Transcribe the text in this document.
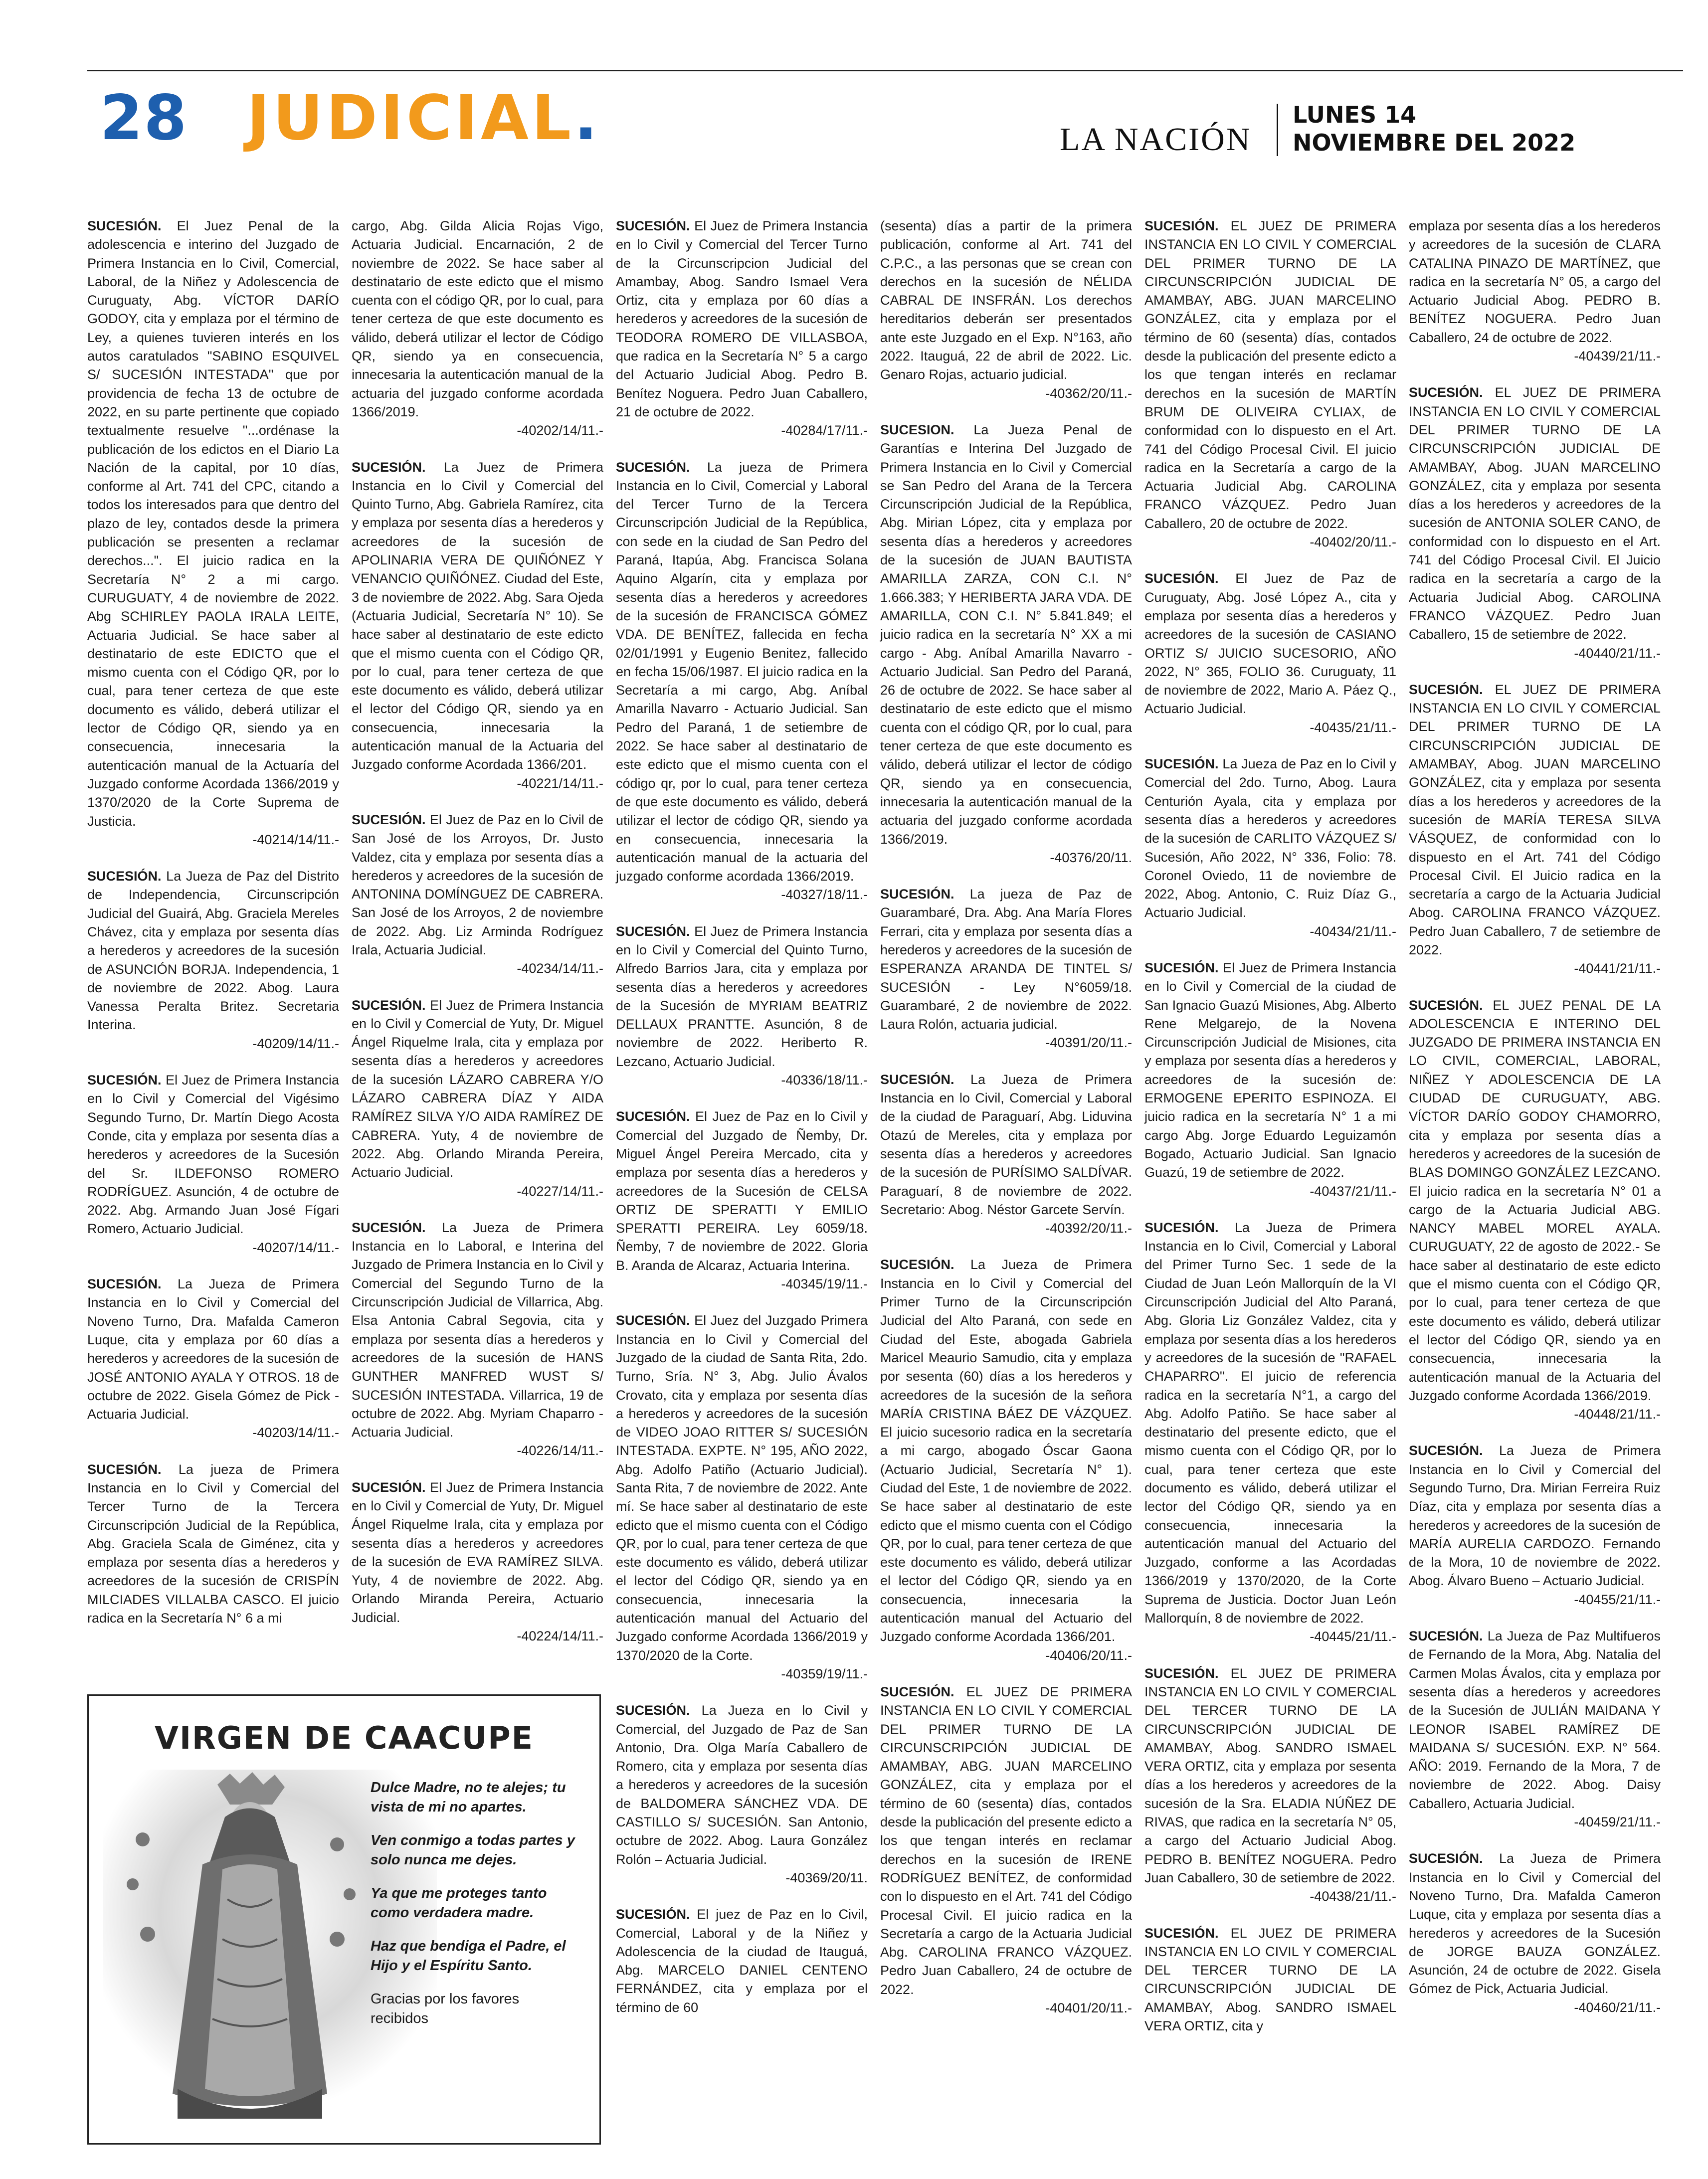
28 JUDICIAL.	LA NACIÓN
LUNES 14
NOVIEMBRE DEL 2022
SUCESIÓN. El Juez Penal de la adolescencia e interino del Juzgado de Primera Instancia en lo Civil, Comercial, Laboral, de la Niñez y Adolescencia de Curuguaty, Abg. VÍCTOR DARÍO GODOY, cita y emplaza por el término de Ley, a quienes tuvieren interés en los autos caratulados "SABINO ESQUIVEL S/ SUCESIÓN INTESTADA" que por providencia de fecha 13 de octubre de 2022, en su parte pertinente que copiado textualmente resuelve "...ordénase la publicación de los edictos en el Diario La Nación de la capital, por 10 días, conforme al Art. 741 del CPC, citando a todos los interesados para que dentro del plazo de ley, contados desde la primera publicación se presenten a reclamar derechos...". El juicio radica en la Secretaría N° 2 a mi cargo. CURUGUATY, 4 de noviembre de 2022. Abg SCHIRLEY PAOLA IRALA LEITE, Actuaria Judicial. Se hace saber al destinatario de este EDICTO que el mismo cuenta con el Código QR, por lo cual, para tener certeza de que este documento es válido, deberá utilizar el lector de Código QR, siendo ya en consecuencia, innecesaria la autenticación manual de la Actuaría del Juzgado conforme Acordada 1366/2019 y 1370/2020 de la Corte Suprema de Justicia.
-40214/14/11.-
SUCESIÓN. La Jueza de Paz del Distrito de Independencia, Circunscripción Judicial del Guairá, Abg. Graciela Mereles Chávez, cita y emplaza por sesenta días a herederos y acreedores de la sucesión de ASUNCIÓN BORJA. Independencia, 1 de noviembre de 2022. Abog. Laura Vanessa Peralta Britez. Secretaria Interina.
-40209/14/11.-
SUCESIÓN. El Juez de Primera Instancia en lo Civil y Comercial del Vigésimo Segundo Turno, Dr. Martín Diego Acosta Conde, cita y emplaza por sesenta días a herederos y acreedores de la Sucesión del Sr. ILDEFONSO ROMERO RODRÍGUEZ. Asunción, 4 de octubre de 2022. Abg. Armando Juan José Fígari Romero, Actuario Judicial.
-40207/14/11.-
SUCESIÓN. La Jueza de Primera Instancia en lo Civil y Comercial del Noveno Turno, Dra. Mafalda Cameron Luque, cita y emplaza por 60 días a herederos y acreedores de la sucesión de JOSÉ ANTONIO AYALA Y OTROS. 18 de octubre de 2022. Gisela Gómez de Pick - Actuaria Judicial.
-40203/14/11.-
SUCESIÓN. La jueza de Primera Instancia en lo Civil y Comercial del Tercer Turno de la Tercera Circunscripción Judicial de la República, Abg. Graciela Scala de Giménez, cita y emplaza por sesenta días a herederos y acreedores de la sucesión de CRISPÍN MILCIADES VILLALBA CASCO. El juicio radica en la Secretaría N° 6 a mi
cargo, Abg. Gilda Alicia Rojas Vigo, Actuaria Judicial. Encarnación, 2 de noviembre de 2022. Se hace saber al destinatario de este edicto que el mismo cuenta con el código QR, por lo cual, para tener certeza de que este documento es válido, deberá utilizar el lector de Código QR, siendo ya en consecuencia, innecesaria la autenticación manual de la actuaria del juzgado conforme acordada 1366/2019.
-40202/14/11.-
SUCESIÓN. La Juez de Primera Instancia en lo Civil y Comercial del Quinto Turno, Abg. Gabriela Ramírez, cita y emplaza por sesenta días a herederos y acreedores de la sucesión de APOLINARIA VERA DE QUIÑÓNEZ Y VENANCIO QUIÑÓNEZ. Ciudad del Este, 3 de noviembre de 2022. Abg. Sara Ojeda (Actuaria Judicial, Secretaría N° 10). Se hace saber al destinatario de este edicto que el mismo cuenta con el Código QR, por lo cual, para tener certeza de que este documento es válido, deberá utilizar el lector del Código QR, siendo ya en consecuencia, innecesaria la autenticación manual de la Actuaria del Juzgado conforme Acordada 1366/201.
-40221/14/11.-
SUCESIÓN. El Juez de Paz en lo Civil de San José de los Arroyos, Dr. Justo Valdez, cita y emplaza por sesenta días a herederos y acreedores de la sucesión de ANTONINA DOMÍNGUEZ DE CABRERA. San José de los Arroyos, 2 de noviembre de 2022. Abg. Liz Arminda Rodríguez Irala, Actuaria Judicial.
-40234/14/11.-
SUCESIÓN. El Juez de Primera Instancia en lo Civil y Comercial de Yuty, Dr. Miguel Ángel Riquelme Irala, cita y emplaza por sesenta días a herederos y acreedores de la sucesión LÁZARO CABRERA Y/O LÁZARO CABRERA DÍAZ Y AIDA RAMÍREZ SILVA Y/O AIDA RAMÍREZ DE CABRERA. Yuty, 4 de noviembre de 2022. Abg. Orlando Miranda Pereira, Actuario Judicial.
-40227/14/11.-
SUCESIÓN. La Jueza de Primera Instancia en lo Laboral, e Interina del Juzgado de Primera Instancia en lo Civil y Comercial del Segundo Turno de la Circunscripción Judicial de Villarrica, Abg. Elsa Antonia Cabral Segovia, cita y emplaza por sesenta días a herederos y acreedores de la sucesión de HANS GUNTHER MANFRED WUST S/ SUCESIÓN INTESTADA. Villarrica, 19 de octubre de 2022. Abg. Myriam Chaparro - Actuaria Judicial.
-40226/14/11.-
SUCESIÓN. El Juez de Primera Instancia en lo Civil y Comercial de Yuty, Dr. Miguel Ángel Riquelme Irala, cita y emplaza por sesenta días a herederos y acreedores de la sucesión de EVA RAMÍREZ SILVA. Yuty, 4 de noviembre de 2022. Abg. Orlando Miranda Pereira, Actuario Judicial.
-40224/14/11.-
SUCESIÓN. El Juez de Primera Instancia en lo Civil y Comercial del Tercer Turno de la Circunscripcion Judicial del Amambay, Abog. Sandro Ismael Vera Ortiz, cita y emplaza por 60 días a herederos y acreedores de la sucesión de TEODORA ROMERO DE VILLASBOA, que radica en la Secretaría N° 5 a cargo del Actuario Judicial Abog. Pedro B. Benítez Noguera. Pedro Juan Caballero, 21 de octubre de 2022.
-40284/17/11.-
SUCESIÓN. La jueza de Primera Instancia en lo Civil, Comercial y Laboral del Tercer Turno de la Tercera Circunscripción Judicial de la República, con sede en la ciudad de San Pedro del Paraná, Itapúa, Abg. Francisca Solana Aquino Algarín, cita y emplaza por sesenta días a herederos y acreedores de la sucesión de FRANCISCA GÓMEZ VDA. DE BENÍTEZ, fallecida en fecha 02/01/1991 y Eugenio Benitez, fallecido en fecha 15/06/1987. El juicio radica en la Secretaría a mi cargo, Abg. Aníbal Amarilla Navarro - Actuario Judicial. San Pedro del Paraná, 1 de setiembre de 2022. Se hace saber al destinatario de este edicto que el mismo cuenta con el código qr, por lo cual, para tener certeza de que este documento es válido, deberá utilizar el lector de código QR, siendo ya en consecuencia, innecesaria la autenticación manual de la actuaria del juzgado conforme acordada 1366/2019.
-40327/18/11.-
SUCESIÓN. El Juez de Primera Instancia en lo Civil y Comercial del Quinto Turno, Alfredo Barrios Jara, cita y emplaza por sesenta días a herederos y acreedores de la Sucesión de MYRIAM BEATRIZ DELLAUX PRANTTE. Asunción, 8 de noviembre de 2022. Heriberto R. Lezcano, Actuario Judicial.
-40336/18/11.-
SUCESIÓN. El Juez de Paz en lo Civil y Comercial del Juzgado de Ñemby, Dr. Miguel Ángel Pereira Mercado, cita y emplaza por sesenta días a herederos y acreedores de la Sucesión de CELSA ORTIZ DE SPERATTI Y EMILIO SPERATTI PEREIRA. Ley 6059/18. Ñemby, 7 de noviembre de 2022. Gloria B. Aranda de Alcaraz, Actuaria Interina.
-40345/19/11.-
SUCESIÓN. El Juez del Juzgado Primera Instancia en lo Civil y Comercial del Juzgado de la ciudad de Santa Rita, 2do. Turno, Sría. N° 3, Abg. Julio Ávalos Crovato, cita y emplaza por sesenta días a herederos y acreedores de la sucesión de VIDEO JOAO RITTER S/ SUCESIÓN INTESTADA. EXPTE. N° 195, AÑO 2022, Abg. Adolfo Patiño (Actuario Judicial). Santa Rita, 7 de noviembre de 2022. Ante mí. Se hace saber al destinatario de este edicto que el mismo cuenta con el Código QR, por lo cual, para tener certeza de que este documento es válido, deberá utilizar el lector del Código QR, siendo ya en consecuencia, innecesaria la autenticación manual del Actuario del Juzgado conforme Acordada 1366/2019 y 1370/2020 de la Corte.
-40359/19/11.-
SUCESIÓN. La Jueza en lo Civil y Comercial, del Juzgado de Paz de San Antonio, Dra. Olga María Caballero de Romero, cita y emplaza por sesenta días a herederos y acreedores de la sucesión de BALDOMERA SÁNCHEZ VDA. DE CASTILLO S/ SUCESIÓN. San Antonio, octubre de 2022. Abog. Laura González Rolón – Actuaria Judicial.
-40369/20/11.
SUCESIÓN. El juez de Paz en lo Civil, Comercial, Laboral y de la Niñez y Adolescencia de la ciudad de Itauguá, Abg. MARCELO DANIEL CENTENO FERNÁNDEZ, cita y emplaza por el término de 60
(sesenta) días a partir de la primera publicación, conforme al Art. 741 del C.P.C., a las personas que se crean con derechos en la sucesión de NÉLIDA CABRAL DE INSFRÁN. Los derechos hereditarios deberán ser presentados ante este Juzgado en el Exp. N°163, año 2022. Itauguá, 22 de abril de 2022. Lic. Genaro Rojas, actuario judicial.
-40362/20/11.-
SUCESION. La Jueza Penal de Garantías e Interina Del Juzgado de Primera Instancia en lo Civil y Comercial se San Pedro del Arana de la Tercera Circunscripción Judicial de la República, Abg. Mirian López, cita y emplaza por sesenta días a herederos y acreedores de la sucesión de JUAN BAUTISTA AMARILLA ZARZA, CON C.I. N° 1.666.383; Y HERIBERTA JARA VDA. DE AMARILLA, CON C.I. N° 5.841.849; el juicio radica en la secretaría N° XX a mi cargo - Abg. Aníbal Amarilla Navarro - Actuario Judicial. San Pedro del Paraná, 26 de octubre de 2022. Se hace saber al destinatario de este edicto que el mismo cuenta con el código QR, por lo cual, para tener certeza de que este documento es válido, deberá utilizar el lector de código QR, siendo ya en consecuencia, innecesaria la autenticación manual de la actuaria del juzgado conforme acordada 1366/2019.
-40376/20/11.
SUCESIÓN. La jueza de Paz de Guarambaré, Dra. Abg. Ana María Flores Ferrari, cita y emplaza por sesenta días a herederos y acreedores de la sucesión de ESPERANZA ARANDA DE TINTEL S/ SUCESIÓN - Ley N°6059/18. Guarambaré, 2 de noviembre de 2022. Laura Rolón, actuaria judicial.
-40391/20/11.-
SUCESIÓN. La Jueza de Primera Instancia en lo Civil, Comercial y Laboral de la ciudad de Paraguarí, Abg. Liduvina Otazú de Mereles, cita y emplaza por sesenta días a herederos y acreedores de la sucesión de PURÍSIMO SALDÍVAR. Paraguarí, 8 de noviembre de 2022. Secretario: Abog. Néstor Garcete Servín.
-40392/20/11.-
SUCESIÓN. La Jueza de Primera Instancia en lo Civil y Comercial del Primer Turno de la Circunscripción Judicial del Alto Paraná, con sede en Ciudad del Este, abogada Gabriela Maricel Meaurio Samudio, cita y emplaza por sesenta (60) días a los herederos y acreedores de la sucesión de la señora MARÍA CRISTINA BÁEZ DE VÁZQUEZ. El juicio sucesorio radica en la secretaría a mi cargo, abogado Óscar Gaona (Actuario Judicial, Secretaría N° 1). Ciudad del Este, 1 de noviembre de 2022. Se hace saber al destinatario de este edicto que el mismo cuenta con el Código QR, por lo cual, para tener certeza de que este documento es válido, deberá utilizar el lector del Código QR, siendo ya en consecuencia, innecesaria la autenticación manual del Actuario del Juzgado conforme Acordada 1366/201.
-40406/20/11.-
SUCESIÓN. EL JUEZ DE PRIMERA INSTANCIA EN LO CIVIL Y COMERCIAL DEL PRIMER TURNO DE LA CIRCUNSCRIPCIÓN JUDICIAL DE AMAMBAY, ABG. JUAN MARCELINO GONZÁLEZ, cita y emplaza por el término de 60 (sesenta) días, contados desde la publicación del presente edicto a los que tengan interés en reclamar derechos en la sucesión de IRENE RODRÍGUEZ BENÍTEZ, de conformidad con lo dispuesto en el Art. 741 del Código Procesal Civil. El juicio radica en la Secretaría a cargo de la Actuaria Judicial Abg. CAROLINA FRANCO VÁZQUEZ. Pedro Juan Caballero, 24 de octubre de 2022.
-40401/20/11.-
SUCESIÓN. EL JUEZ DE PRIMERA INSTANCIA EN LO CIVIL Y COMERCIAL DEL PRIMER TURNO DE LA CIRCUNSCRIPCIÓN JUDICIAL DE AMAMBAY, ABG. JUAN MARCELINO GONZÁLEZ, cita y emplaza por el término de 60 (sesenta) días, contados desde la publicación del presente edicto a los que tengan interés en reclamar derechos en la sucesión de MARTÍN BRUM DE OLIVEIRA CYLIAX, de conformidad con lo dispuesto en el Art. 741 del Código Procesal Civil. El juicio radica en la Secretaría a cargo de la Actuaria Judicial Abg. CAROLINA FRANCO VÁZQUEZ. Pedro Juan Caballero, 20 de octubre de 2022.
-40402/20/11.-
SUCESIÓN. El Juez de Paz de Curuguaty, Abg. José López A., cita y emplaza por sesenta días a herederos y acreedores de la sucesión de CASIANO ORTIZ S/ JUICIO SUCESORIO, AÑO 2022, N° 365, FOLIO 36. Curuguaty, 11 de noviembre de 2022, Mario A. Páez Q., Actuario Judicial.
-40435/21/11.-
SUCESIÓN. La Jueza de Paz en lo Civil y Comercial del 2do. Turno, Abog. Laura Centurión Ayala, cita y emplaza por sesenta días a herederos y acreedores de la sucesión de CARLITO VÁZQUEZ S/ Sucesión, Año 2022, N° 336, Folio: 78. Coronel Oviedo, 11 de noviembre de 2022, Abog. Antonio, C. Ruiz Díaz G., Actuario Judicial.
-40434/21/11.-
SUCESIÓN. El Juez de Primera Instancia en lo Civil y Comercial de la ciudad de San Ignacio Guazú Misiones, Abg. Alberto Rene Melgarejo, de la Novena Circunscripción Judicial de Misiones, cita y emplaza por sesenta días a herederos y acreedores de la sucesión de: ERMOGENE EPERITO ESPINOZA. El juicio radica en la secretaría N° 1 a mi cargo Abg. Jorge Eduardo Leguizamón Bogado, Actuario Judicial. San Ignacio Guazú, 19 de setiembre de 2022.
-40437/21/11.-
SUCESIÓN. La Jueza de Primera Instancia en lo Civil, Comercial y Laboral del Primer Turno Sec. 1 sede de la Ciudad de Juan León Mallorquín de la VI Circunscripción Judicial del Alto Paraná, Abg. Gloria Liz González Valdez, cita y emplaza por sesenta días a los herederos y acreedores de la sucesión de "RAFAEL CHAPARRO". El juicio de referencia radica en la secretaría N°1, a cargo del Abg. Adolfo Patiño. Se hace saber al destinatario del presente edicto, que el mismo cuenta con el Código QR, por lo cual, para tener certeza que este documento es válido, deberá utilizar el lector del Código QR, siendo ya en consecuencia, innecesaria la autenticación manual del Actuario del Juzgado, conforme a las Acordadas 1366/2019 y 1370/2020, de la Corte Suprema de Justicia. Doctor Juan León Mallorquín, 8 de noviembre de 2022.
-40445/21/11.-
SUCESIÓN. EL JUEZ DE PRIMERA INSTANCIA EN LO CIVIL Y COMERCIAL DEL TERCER TURNO DE LA CIRCUNSCRIPCIÓN JUDICIAL DE AMAMBAY, Abog. SANDRO ISMAEL VERA ORTIZ, cita y emplaza por sesenta días a los herederos y acreedores de la sucesión de la Sra. ELADIA NÚÑEZ DE RIVAS, que radica en la secretaría N° 05, a cargo del Actuario Judicial Abog. PEDRO B. BENÍTEZ NOGUERA. Pedro Juan Caballero, 30 de setiembre de 2022.
-40438/21/11.-
SUCESIÓN. EL JUEZ DE PRIMERA INSTANCIA EN LO CIVIL Y COMERCIAL DEL TERCER TURNO DE LA CIRCUNSCRIPCIÓN JUDICIAL DE AMAMBAY, Abog. SANDRO ISMAEL VERA ORTIZ, cita y
emplaza por sesenta días a los herederos y acreedores de la sucesión de CLARA CATALINA PINAZO DE MARTÍNEZ, que radica en la secretaría N° 05, a cargo del Actuario Judicial Abog. PEDRO B. BENÍTEZ NOGUERA. Pedro Juan Caballero, 24 de octubre de 2022.
-40439/21/11.-
SUCESIÓN. EL JUEZ DE PRIMERA INSTANCIA EN LO CIVIL Y COMERCIAL DEL PRIMER TURNO DE LA CIRCUNSCRIPCIÓN JUDICIAL DE AMAMBAY, Abog. JUAN MARCELINO GONZÁLEZ, cita y emplaza por sesenta días a los herederos y acreedores de la sucesión de ANTONIA SOLER CANO, de conformidad con lo dispuesto en el Art. 741 del Código Procesal Civil. El Juicio radica en la secretaría a cargo de la Actuaria Judicial Abog. CAROLINA FRANCO VÁZQUEZ. Pedro Juan Caballero, 15 de setiembre de 2022.
-40440/21/11.-
SUCESIÓN. EL JUEZ DE PRIMERA INSTANCIA EN LO CIVIL Y COMERCIAL DEL PRIMER TURNO DE LA CIRCUNSCRIPCIÓN JUDICIAL DE AMAMBAY, Abog. JUAN MARCELINO GONZÁLEZ, cita y emplaza por sesenta días a los herederos y acreedores de la sucesión de MARÍA TERESA SILVA VÁSQUEZ, de conformidad con lo dispuesto en el Art. 741 del Código Procesal Civil. El Juicio radica en la secretaría a cargo de la Actuaria Judicial Abog. CAROLINA FRANCO VÁZQUEZ. Pedro Juan Caballero, 7 de setiembre de 2022.
-40441/21/11.-
SUCESIÓN. EL JUEZ PENAL DE LA ADOLESCENCIA E INTERINO DEL JUZGADO DE PRIMERA INSTANCIA EN LO CIVIL, COMERCIAL, LABORAL, NIÑEZ Y ADOLESCENCIA DE LA CIUDAD DE CURUGUATY, ABG. VÍCTOR DARÍO GODOY CHAMORRO, cita y emplaza por sesenta días a herederos y acreedores de la sucesión de BLAS DOMINGO GONZÁLEZ LEZCANO. El juicio radica en la secretaría N° 01 a cargo de la Actuaria Judicial ABG. NANCY MABEL MOREL AYALA. CURUGUATY, 22 de agosto de 2022.- Se hace saber al destinatario de este edicto que el mismo cuenta con el Código QR, por lo cual, para tener certeza de que este documento es válido, deberá utilizar el lector del Código QR, siendo ya en consecuencia, innecesaria la autenticación manual de la Actuaria del Juzgado conforme Acordada 1366/2019.
-40448/21/11.-
SUCESIÓN. La Jueza de Primera Instancia en lo Civil y Comercial del Segundo Turno, Dra. Mirian Ferreira Ruiz Díaz, cita y emplaza por sesenta días a herederos y acreedores de la sucesión de MARÍA AURELIA CARDOZO. Fernando de la Mora, 10 de noviembre de 2022. Abog. Álvaro Bueno – Actuario Judicial.
-40455/21/11.-
SUCESIÓN. La Jueza de Paz Multifueros de Fernando de la Mora, Abg. Natalia del Carmen Molas Ávalos, cita y emplaza por sesenta días a herederos y acreedores de la Sucesión de JULIÁN MAIDANA Y LEONOR ISABEL RAMÍREZ DE MAIDANA S/ SUCESIÓN. EXP. N° 564. AÑO: 2019. Fernando de la Mora, 7 de noviembre de 2022. Abog. Daisy Caballero, Actuaria Judicial.
-40459/21/11.-
SUCESIÓN. La Jueza de Primera Instancia en lo Civil y Comercial del Noveno Turno, Dra. Mafalda Cameron Luque, cita y emplaza por sesenta días a herederos y acreedores de la Sucesión de JORGE BAUZA GONZÁLEZ. Asunción, 24 de octubre de 2022. Gisela Gómez de Pick, Actuaria Judicial.
-40460/21/11.-
VIRGEN DE CAACUPE

Dulce Madre, no te alejes; tu vista de mi no apartes.

Ven conmigo a todas partes y solo nunca me dejes.

Ya que me proteges tanto como verdadera madre.

Haz que bendiga el Padre, el Hijo y el Espíritu Santo.

Gracias por los favores recibidos
